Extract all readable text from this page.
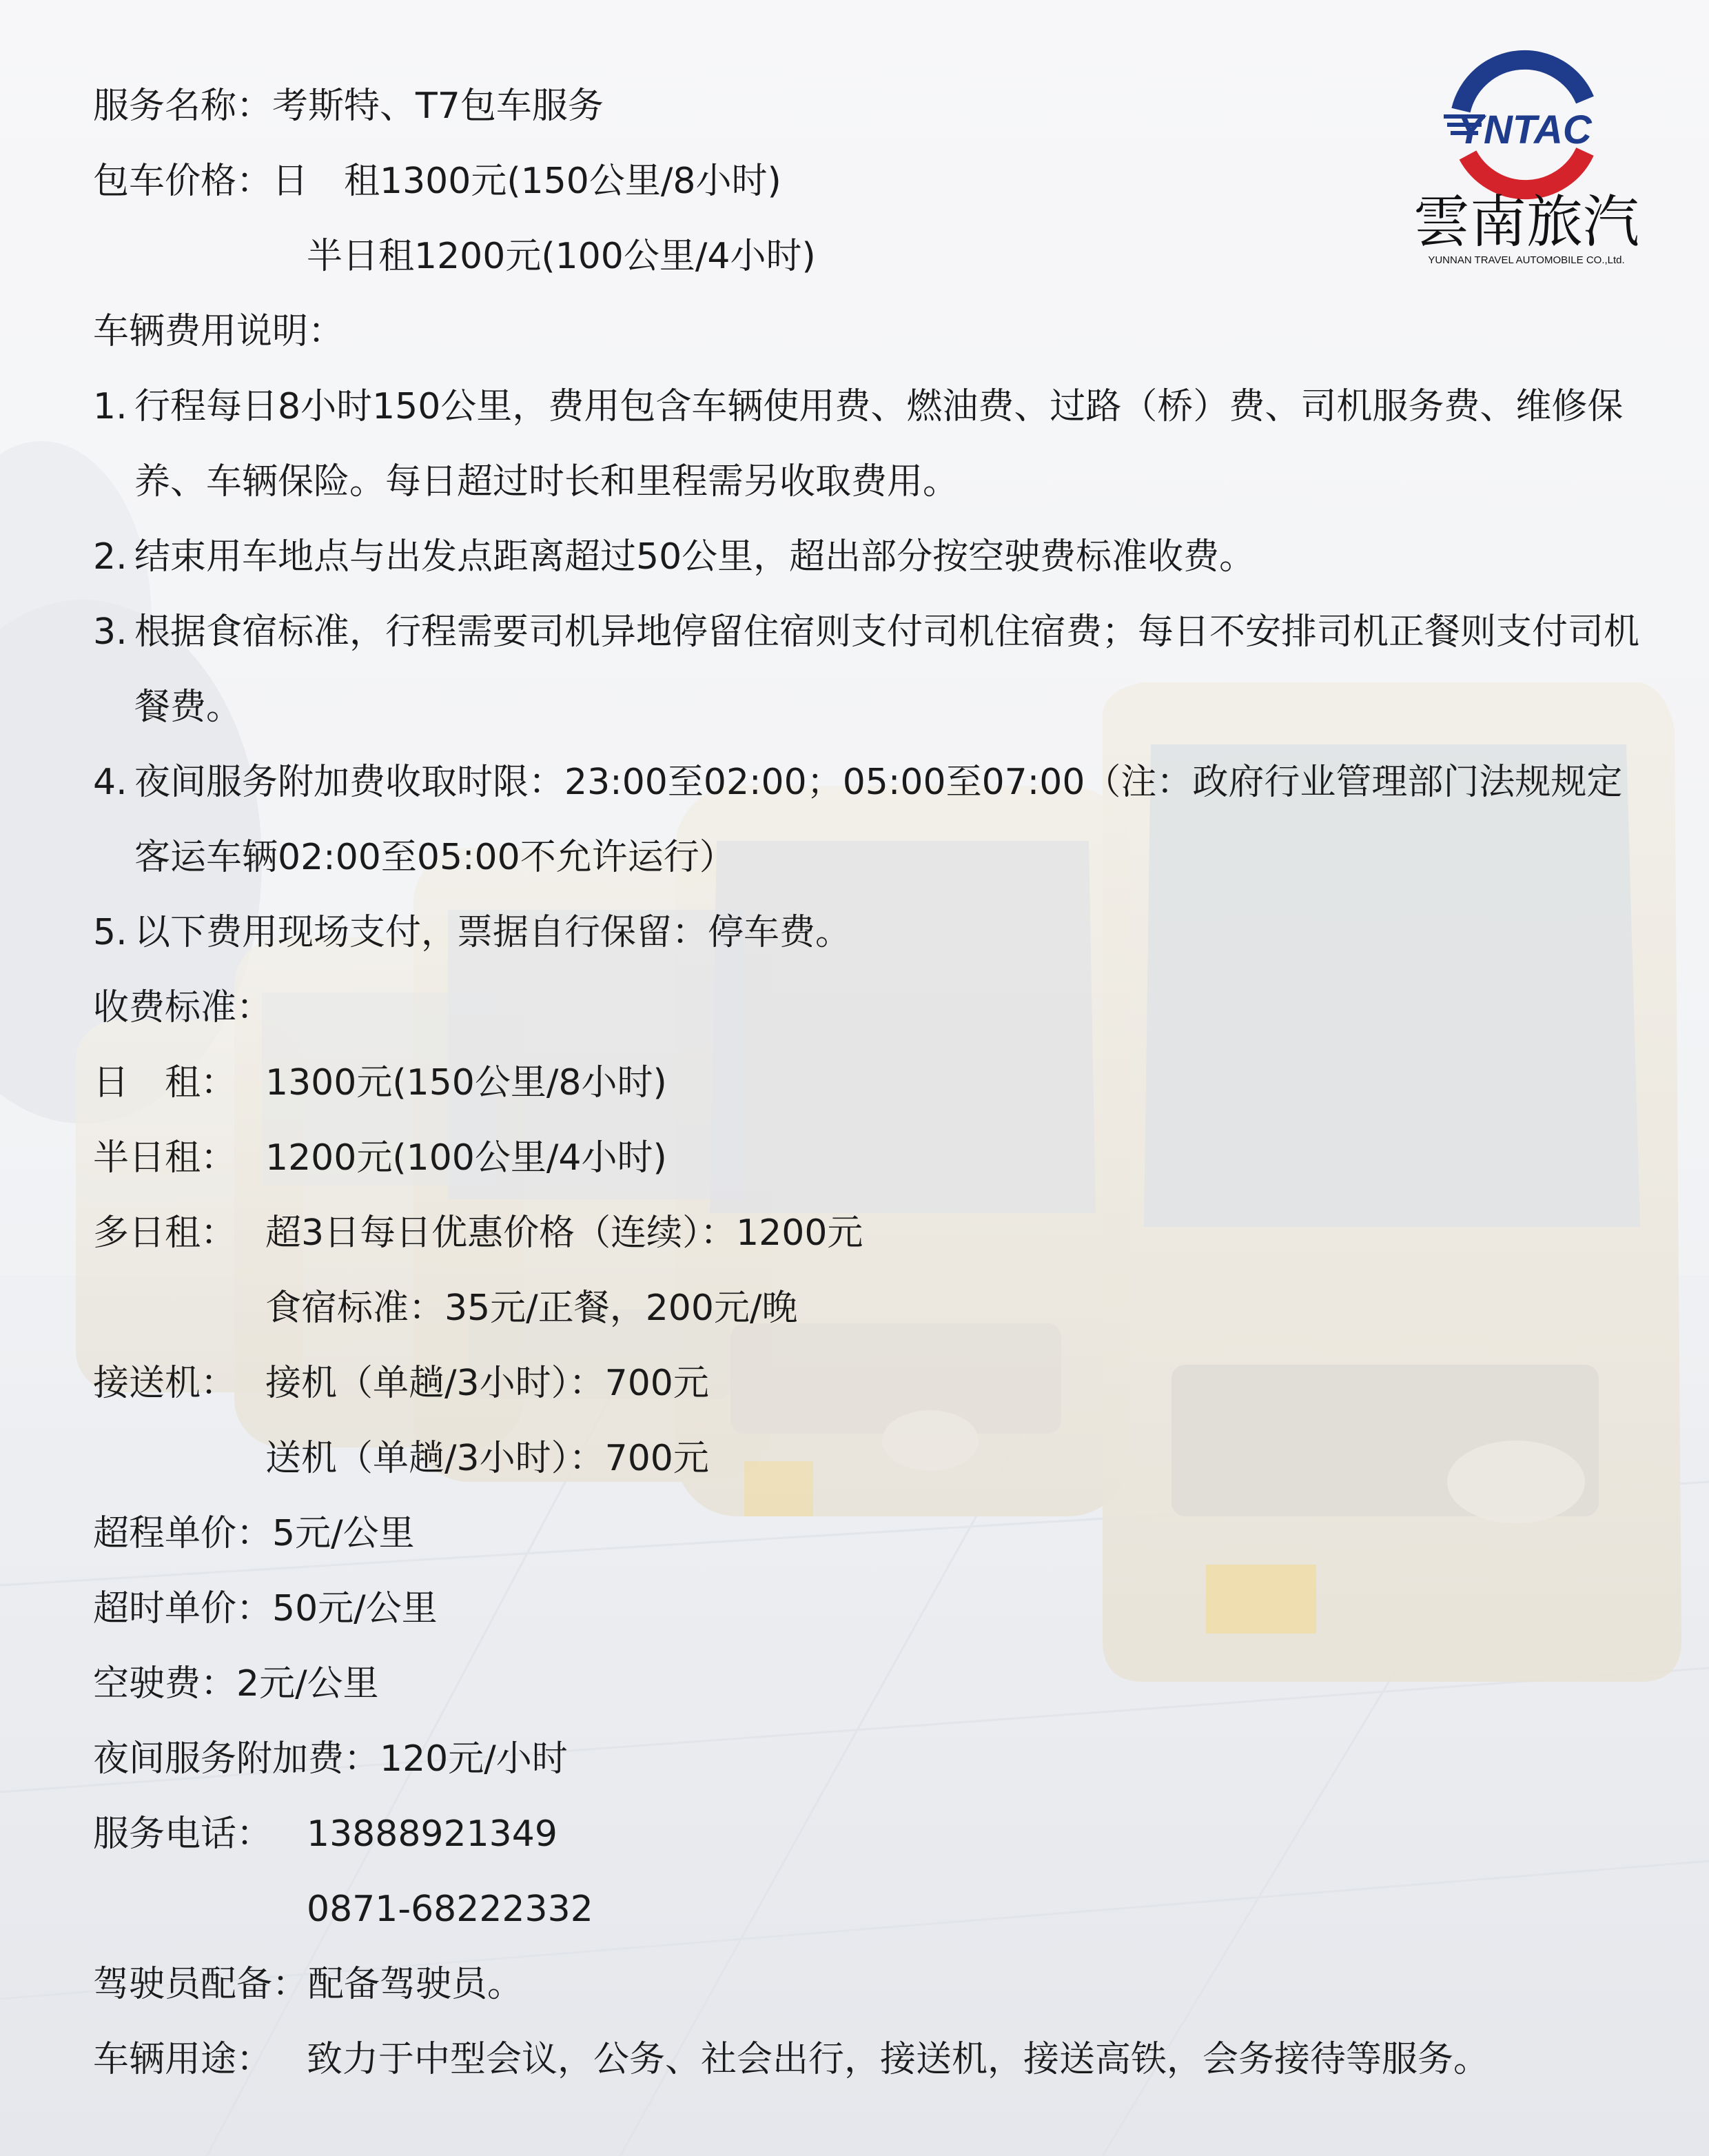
YNTAC
雲南旅汽
YUNNAN TRAVEL AUTOMOBILE CO.,Ltd.
服务名称：考斯特、T7包车服务
包车价格：日　租1300元(150公里/8小时)
半日租1200元(100公里/4小时)
车辆费用说明：
1. 行程每日8小时150公里，费用包含车辆使用费、燃油费、过路（桥）费、司机服务费、维修保养、车辆保险。每日超过时长和里程需另收取费用。
2. 结束用车地点与出发点距离超过50公里，超出部分按空驶费标准收费。
3. 根据食宿标准，行程需要司机异地停留住宿则支付司机住宿费；每日不安排司机正餐则支付司机餐费。
4. 夜间服务附加费收取时限：23:00至02:00；05:00至07:00（注：政府行业管理部门法规规定客运车辆02:00至05:00不允许运行）
5. 以下费用现场支付，票据自行保留：停车费。
收费标准：
日　租： 1300元(150公里/8小时)
半日租： 1200元(100公里/4小时)
多日租： 超3日每日优惠价格（连续）：1200元
食宿标准：35元/正餐，200元/晚
接送机： 接机（单趟/3小时）：700元
送机（单趟/3小时）：700元
超程单价：5元/公里
超时单价：50元/公里
空驶费：2元/公里
夜间服务附加费：120元/小时
服务电话： 13888921349
0871-68222332
驾驶员配备：配备驾驶员。
车辆用途： 致力于中型会议，公务、社会出行，接送机，接送高铁，会务接待等服务。
